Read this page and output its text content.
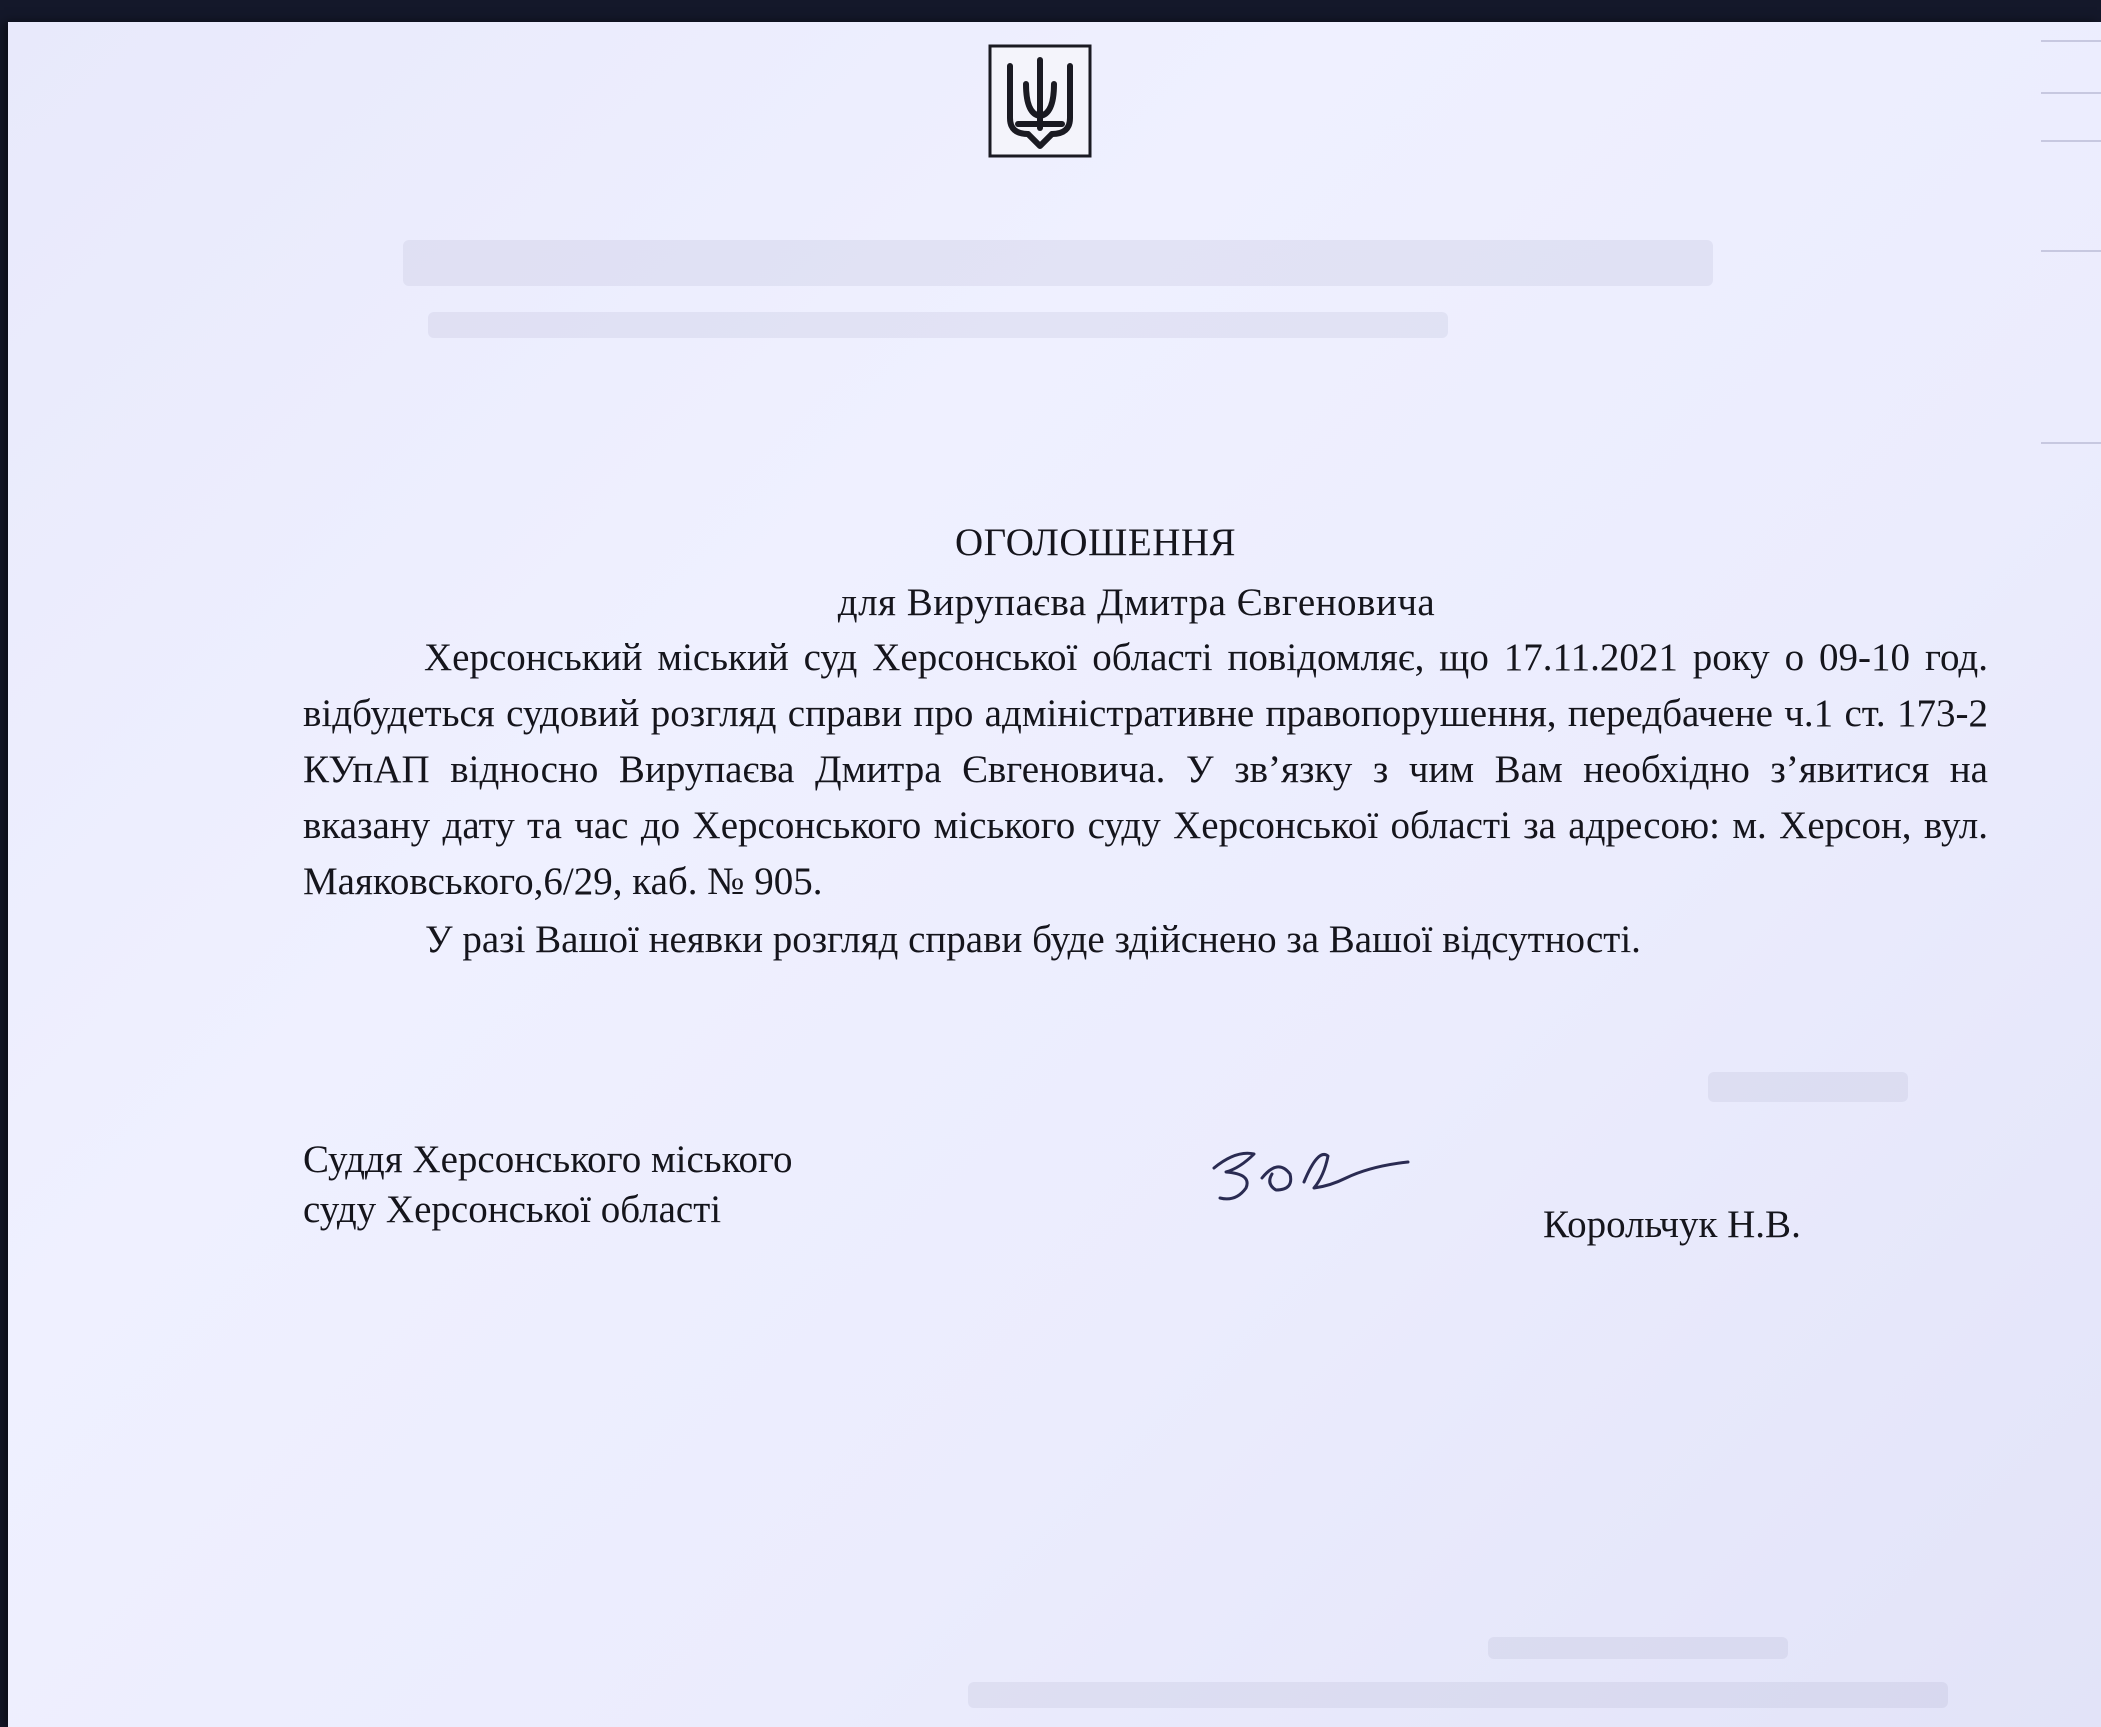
ОГОЛОШЕННЯ
для Вирупаєва Дмитра Євгеновича

Херсонський міський суд Херсонської області повідомляє, що 17.11.2021 року о 09-10 год. відбудеться судовий розгляд справи про адміністративне правопорушення, передбачене ч.1 ст. 173-2 КУпАП відносно Вирупаєва Дмитра Євгеновича. У зв’язку з чим Вам необхідно з’явитися на вказану дату та час до Херсонського міського суду Херсонської області за адресою: м. Херсон, вул. Маяковського,6/29, каб. № 905.

У разі Вашої неявки розгляд справи буде здійснено за Вашої відсутності.

Суддя Херсонського міського
суду Херсонської області	Корольчук Н.В.
